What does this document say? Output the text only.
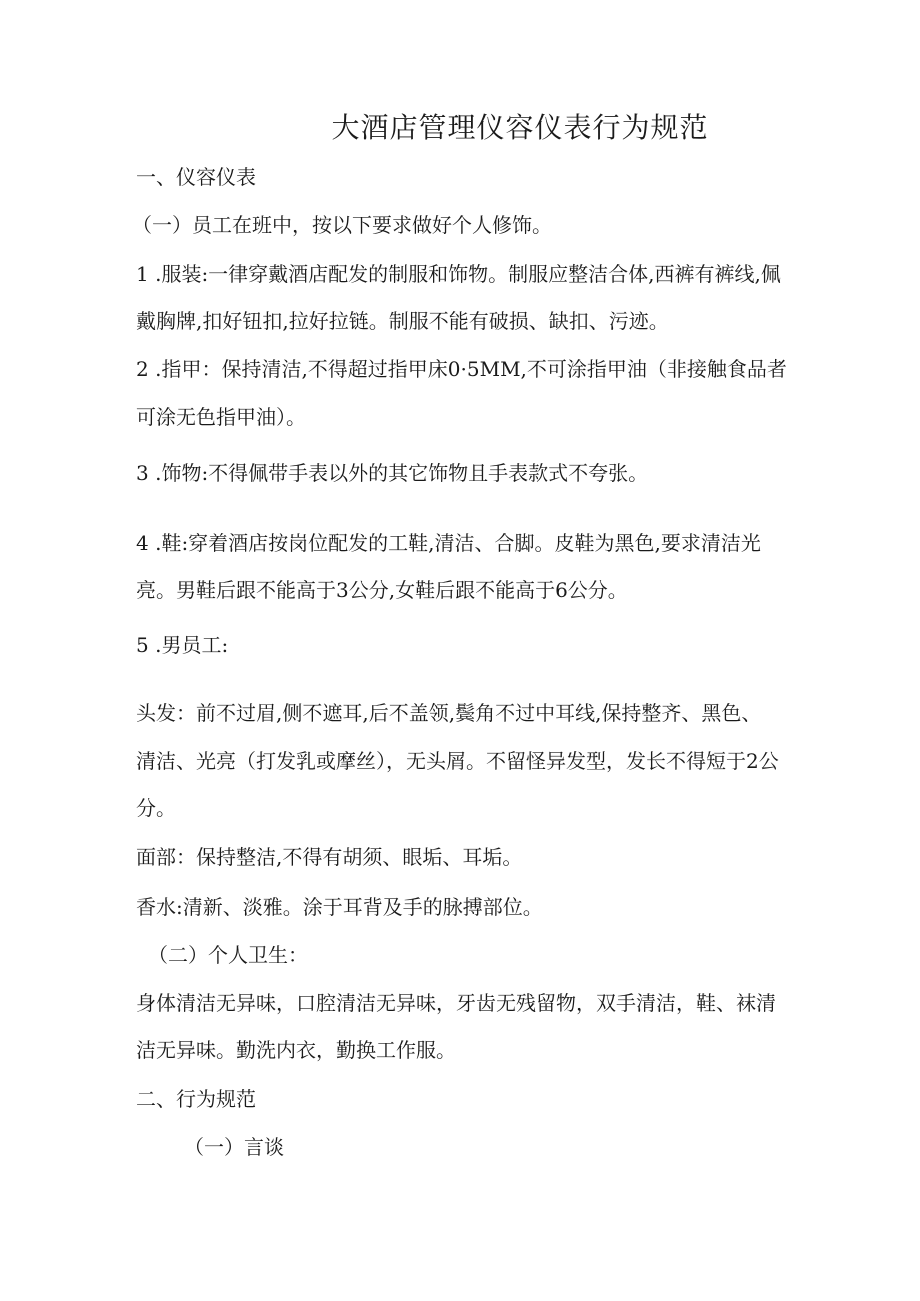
大酒店管理仪容仪表行为规范
一、仪容仪表
（一）员工在班中，按以下要求做好个人修饰。
1 .服装:一律穿戴酒店配发的制服和饰物。制服应整洁合体,西裤有裤线,佩
戴胸牌,扣好钮扣,拉好拉链。制服不能有破损、缺扣、污迹。
2 .指甲：保持清洁,不得超过指甲床0·5MM,不可涂指甲油（非接触食品者
可涂无色指甲油）。
3 .饰物:不得佩带手表以外的其它饰物且手表款式不夸张。
4 .鞋:穿着酒店按岗位配发的工鞋,清洁、合脚。皮鞋为黑色,要求清洁光
亮。男鞋后跟不能高于3公分,女鞋后跟不能高于6公分。
5 .男员工:
头发：前不过眉,侧不遮耳,后不盖领,鬓角不过中耳线,保持整齐、黑色、
清洁、光亮（打发乳或摩丝），无头屑。不留怪异发型，发长不得短于2公
分。
面部：保持整洁,不得有胡须、眼垢、耳垢。
香水:清新、淡雅。涂于耳背及手的脉搏部位。
（二）个人卫生：
身体清洁无异味，口腔清洁无异味，牙齿无残留物，双手清洁，鞋、袜清
洁无异味。勤洗内衣，勤换工作服。
二、行为规范
（一）言谈
